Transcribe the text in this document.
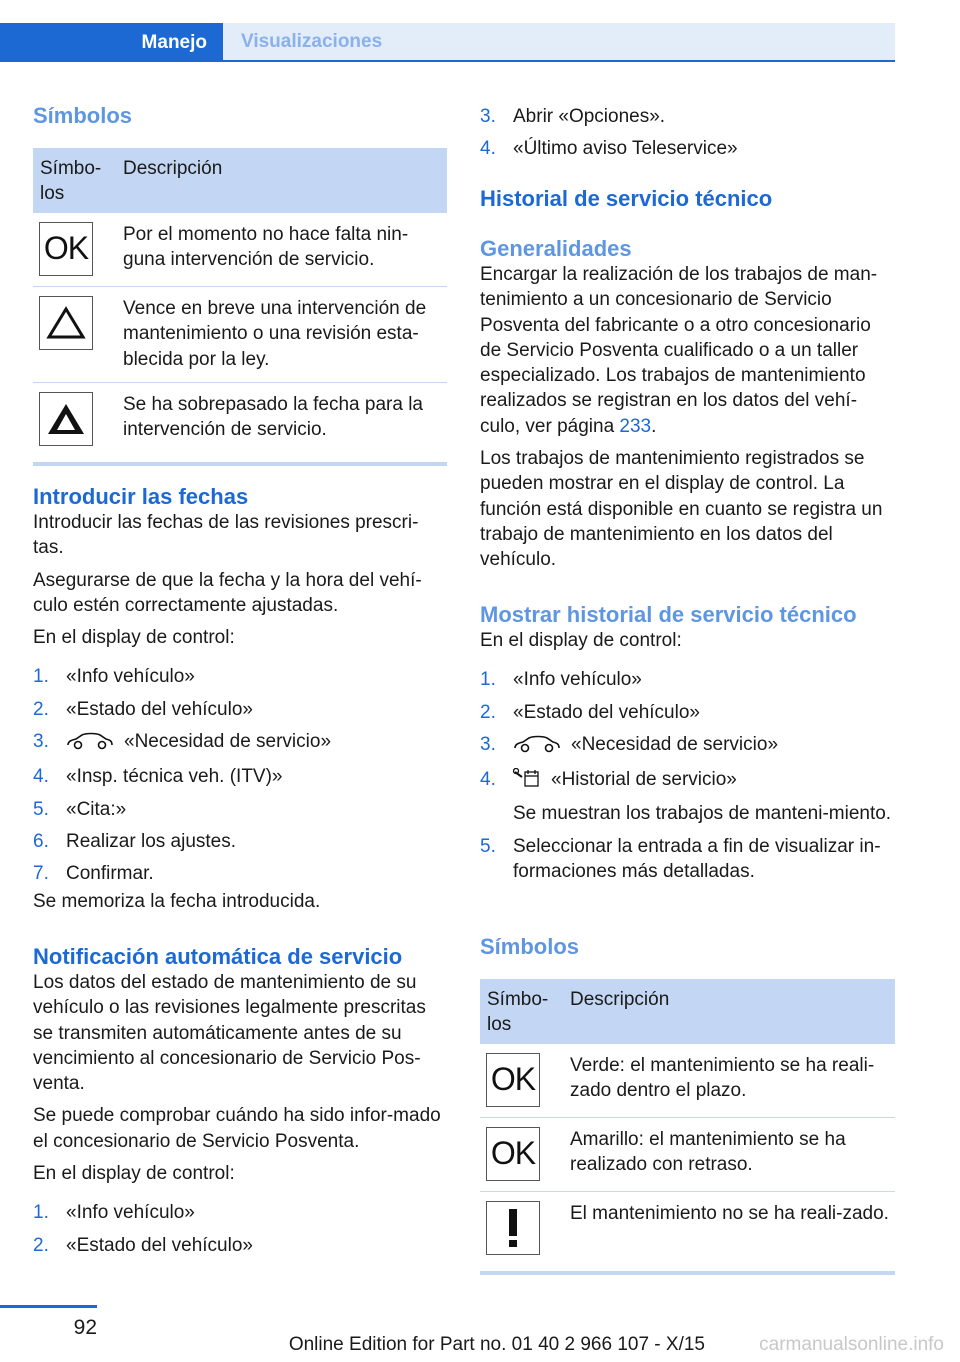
Manejo	Visualizaciones
Símbolos
Símbo-los	Descripción

OK	Por el momento no hace falta nin-guna intervención de servicio.

	Vence en breve una intervención de mantenimiento o una revisión esta-blecida por la ley.

	Se ha sobrepasado la fecha para la intervención de servicio.
Introducir las fechas

Introducir las fechas de las revisiones prescri-tas.

Asegurarse de que la fecha y la hora del vehí-culo estén correctamente ajustadas.

En el display de control:

1. «Info vehículo»
2. «Estado del vehículo»
3.	«Necesidad de servicio»
4. «Insp. técnica veh. (ITV)»
5. «Cita:»
6. Realizar los ajustes.
7. Confirmar.

Se memoriza la fecha introducida.

Notificación automática de servicio

Los datos del estado de mantenimiento de su vehículo o las revisiones legalmente prescritas se transmiten automáticamente antes de su vencimiento al concesionario de Servicio Pos-venta.

Se puede comprobar cuándo ha sido infor-mado el concesionario de Servicio Posventa.

En el display de control:

1. «Info vehículo»
2. «Estado del vehículo»
3. Abrir «Opciones».
4. «Último aviso Teleservice»
Historial de servicio técnico
Generalidades

Encargar la realización de los trabajos de man-tenimiento a un concesionario de Servicio Posventa del fabricante o a otro concesionario de Servicio Posventa cualificado o a un taller especializado. Los trabajos de mantenimiento realizados se registran en los datos del vehí-culo, ver página 233.

Los trabajos de mantenimiento registrados se pueden mostrar en el display de control. La función está disponible en cuanto se registra un trabajo de mantenimiento en los datos del vehículo.

Mostrar historial de servicio técnico

En el display de control:

1. «Info vehículo»
2. «Estado del vehículo»
3.	«Necesidad de servicio»
4.	«Historial de servicio»
Se muestran los trabajos de manteni-miento.
5. Seleccionar la entrada a fin de visualizar in-formaciones más detalladas.
Símbolos
Símbo-los	Descripción

OK	Verde: el mantenimiento se ha reali-zado dentro el plazo.

OK	Amarillo: el mantenimiento se ha realizado con retraso.

	El mantenimiento no se ha reali-zado.
92
Online Edition for Part no. 01 40 2 966 107 - X/15	carmanualsonline.info
